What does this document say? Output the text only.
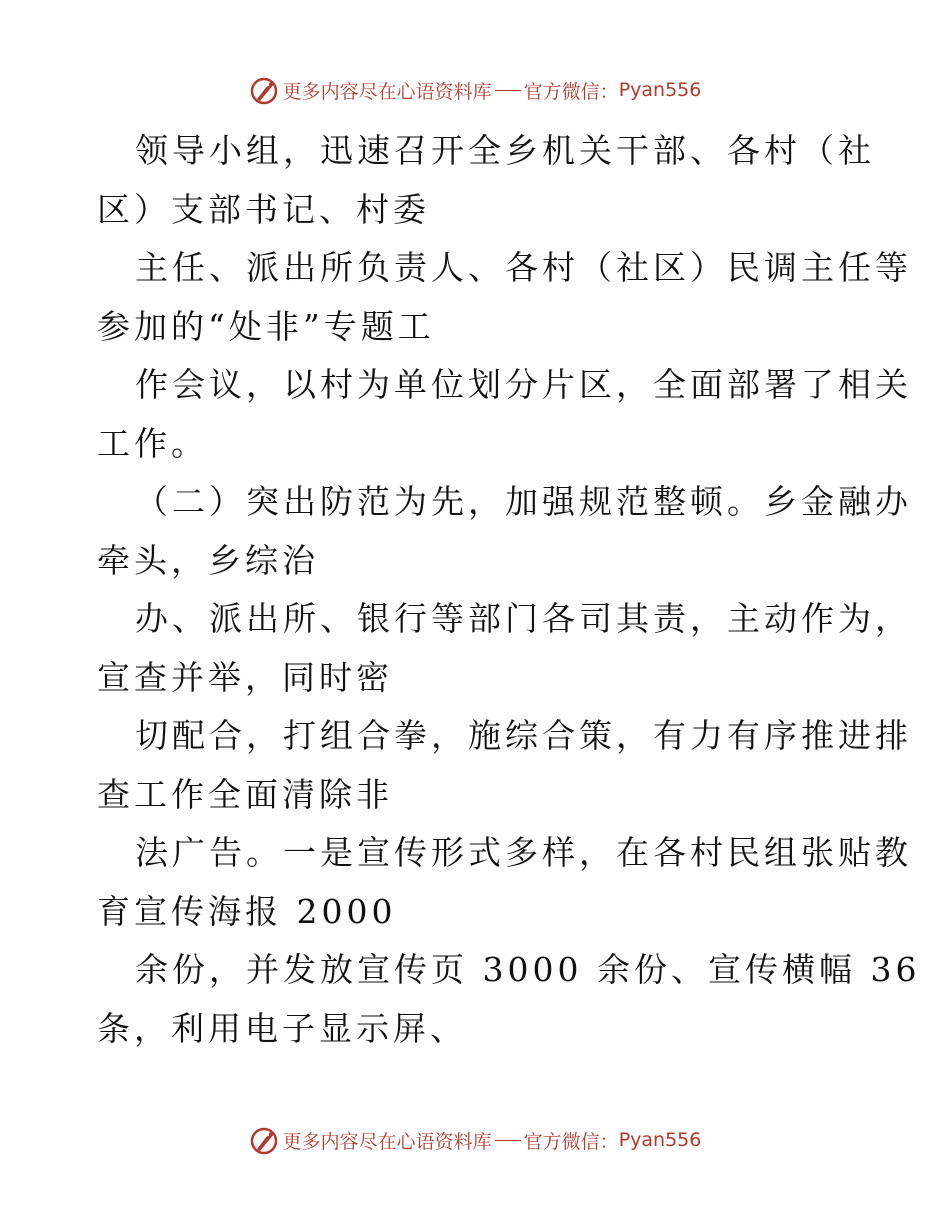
更多内容尽在心语资料库 官方微信： Pyan556
领导小组，迅速召开全乡机关干部、各村（社
区）支部书记、村委
主任、派出所负责人、各村（社区）民调主任等
参加的“处非”专题工
作会议，以村为单位划分片区，全面部署了相关
工作。
（二）突出防范为先，加强规范整顿。乡金融办
牵头，乡综治
办、派出所、银行等部门各司其责，主动作为，
宣查并举，同时密
切配合，打组合拳，施综合策，有力有序推进排
查工作全面清除非
法广告。一是宣传形式多样，在各村民组张贴教
育宣传海报 2000
余份，并发放宣传页 3000 余份、宣传横幅 36
条，利用电子显示屏、
更多内容尽在心语资料库 官方微信： Pyan556
